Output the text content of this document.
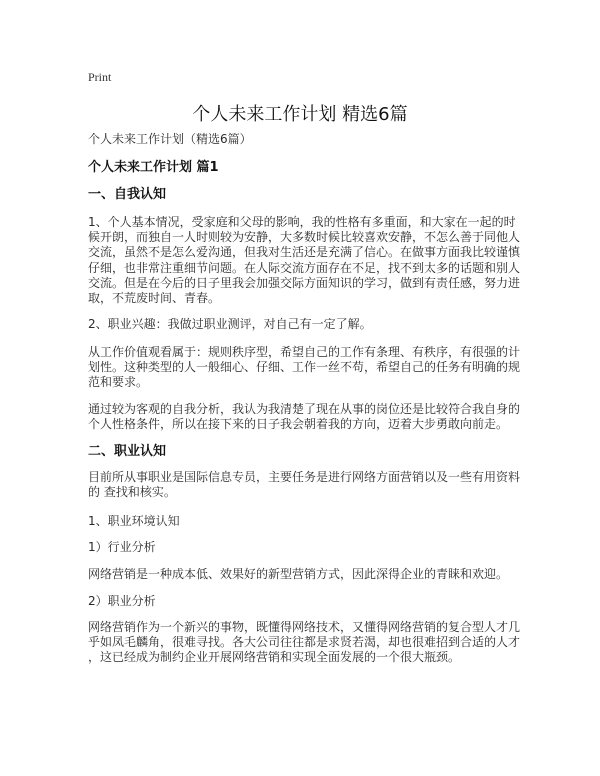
Print
个人未来工作计划 精选6篇
个人未来工作计划（精选6篇）
个人未来工作计划 篇1
一、自我认知
1、个人基本情况，受家庭和父母的影响，我的性格有多重面，和大家在一起的时
候开朗，而独自一人时则较为安静，大多数时候比较喜欢安静，不怎么善于同他人
交流，虽然不是怎么爱沟通，但我对生活还是充满了信心。在做事方面我比较谨慎
仔细，也非常注重细节问题。在人际交流方面存在不足，找不到太多的话题和别人
交流。但是在今后的日子里我会加强交际方面知识的学习，做到有责任感，努力进
取，不荒废时间、青春。
2、职业兴趣：我做过职业测评，对自己有一定了解。
从工作价值观看属于：规则秩序型，希望自己的工作有条理、有秩序，有很强的计
划性。这种类型的人一般细心、仔细、工作一丝不苟，希望自己的任务有明确的规
范和要求。
通过较为客观的自我分析，我认为我清楚了现在从事的岗位还是比较符合我自身的
个人性格条件，所以在接下来的日子我会朝着我的方向，迈着大步勇敢向前走。
二、职业认知
目前所从事职业是国际信息专员，主要任务是进行网络方面营销以及一些有用资料
的 查找和核实。
1、职业环境认知
1）行业分析
网络营销是一种成本低、效果好的新型营销方式，因此深得企业的青睐和欢迎。
2）职业分析
网络营销作为一个新兴的事物，既懂得网络技术，又懂得网络营销的复合型人才几
乎如凤毛麟角，很难寻找。各大公司往往都是求贤若渴，却也很难招到合适的人才
，这已经成为制约企业开展网络营销和实现全面发展的一个很大瓶颈。
